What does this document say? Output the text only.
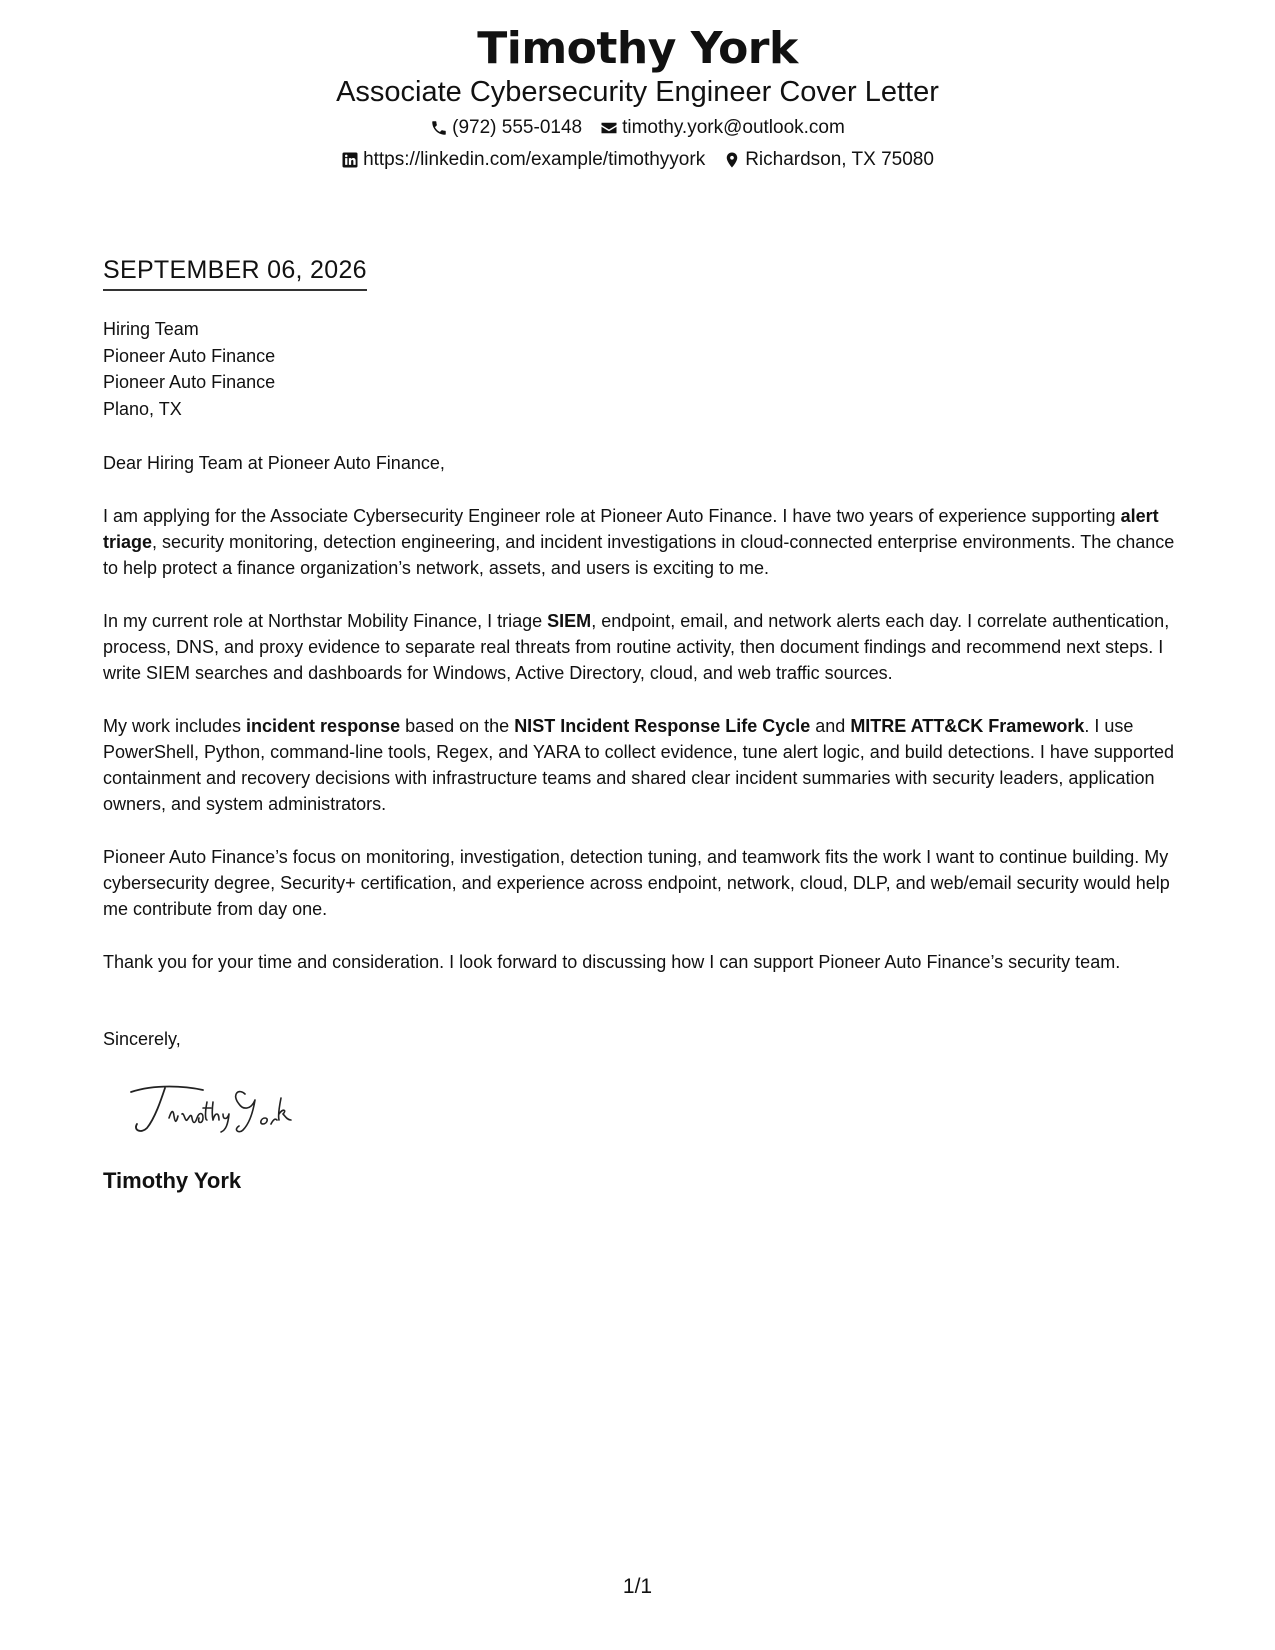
Timothy York
Associate Cybersecurity Engineer Cover Letter
(972) 555-0148 timothy.york@outlook.com
https://linkedin.com/example/timothyyork Richardson, TX 75080
SEPTEMBER 06, 2026
Hiring Team
Pioneer Auto Finance
Pioneer Auto Finance
Plano, TX
Dear Hiring Team at Pioneer Auto Finance,
I am applying for the Associate Cybersecurity Engineer role at Pioneer Auto Finance. I have two years of experience supporting alert triage, security monitoring, detection engineering, and incident investigations in cloud-connected enterprise environments. The chance to help protect a finance organization’s network, assets, and users is exciting to me.
In my current role at Northstar Mobility Finance, I triage SIEM, endpoint, email, and network alerts each day. I correlate authentication, process, DNS, and proxy evidence to separate real threats from routine activity, then document findings and recommend next steps. I write SIEM searches and dashboards for Windows, Active Directory, cloud, and web traffic sources.
My work includes incident response based on the NIST Incident Response Life Cycle and MITRE ATT&CK Framework. I use PowerShell, Python, command-line tools, Regex, and YARA to collect evidence, tune alert logic, and build detections. I have supported containment and recovery decisions with infrastructure teams and shared clear incident summaries with security leaders, application owners, and system administrators.
Pioneer Auto Finance’s focus on monitoring, investigation, detection tuning, and teamwork fits the work I want to continue building. My cybersecurity degree, Security+ certification, and experience across endpoint, network, cloud, DLP, and web/email security would help me contribute from day one.
Thank you for your time and consideration. I look forward to discussing how I can support Pioneer Auto Finance’s security team.
Sincerely,
Timothy York
1/1
